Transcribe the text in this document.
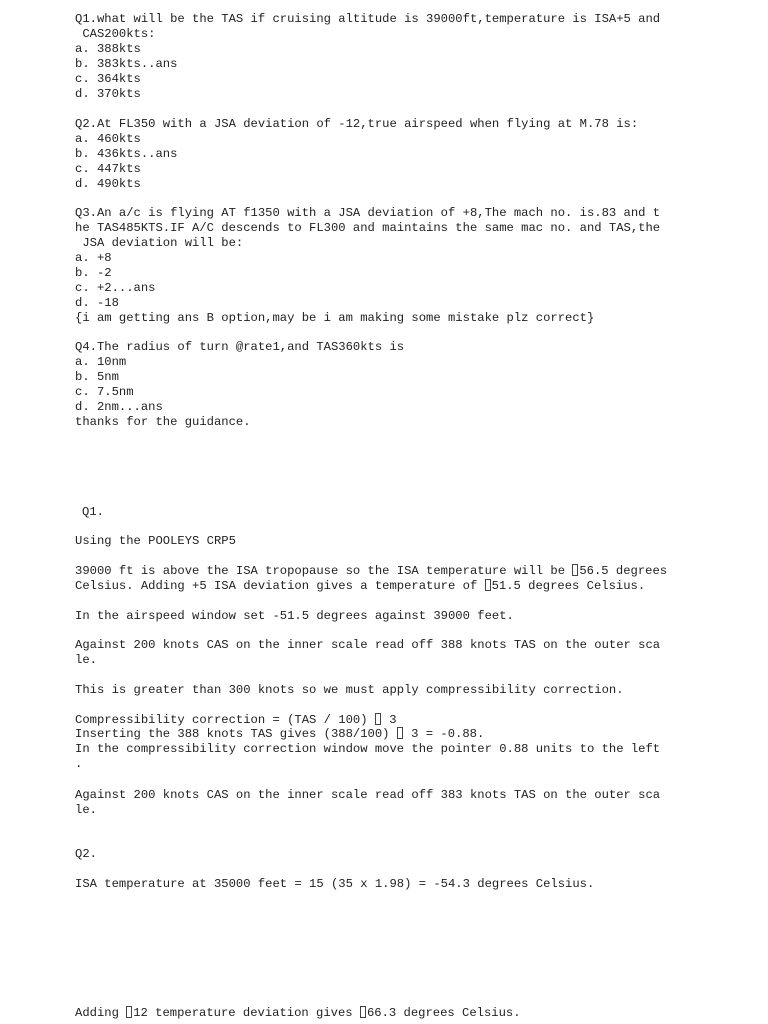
Q1.what will be the TAS if cruising altitude is 39000ft,temperature is ISA+5 and

CAS200kts:

a. 388kts

b. 383kts..ans

c. 364kts

d. 370kts

Q2.At FL350 with a JSA deviation of -12,true airspeed when flying at M.78 is:

a. 460kts

b. 436kts..ans

c. 447kts

d. 490kts

Q3.An a/c is flying AT f1350 with a JSA deviation of +8,The mach no. is.83 and t

he TAS485KTS.IF A/C descends to FL300 and maintains the same mac no. and TAS,the

JSA deviation will be:

a. +8

b. -2

c. +2...ans

d. -18

{i am getting ans B option,may be i am making some mistake plz correct}

Q4.The radius of turn @rate1,and TAS360kts is

a. 10nm

b. 5nm

c. 7.5nm

d. 2nm...ans

thanks for the guidance.

Q1.

Using the POOLEYS CRP5

39000 ft is above the ISA tropopause so the ISA temperature will be 56.5 degrees

Celsius. Adding +5 ISA deviation gives a temperature of 51.5 degrees Celsius.

In the airspeed window set -51.5 degrees against 39000 feet.

Against 200 knots CAS on the inner scale read off 388 knots TAS on the outer sca

le.

This is greater than 300 knots so we must apply compressibility correction.

Compressibility correction = (TAS / 100)  3

Inserting the 388 knots TAS gives (388/100)  3 = -0.88.

In the compressibility correction window move the pointer 0.88 units to the left

.

Against 200 knots CAS on the inner scale read off 383 knots TAS on the outer sca

le.

Q2.

ISA temperature at 35000 feet = 15 (35 x 1.98) = -54.3 degrees Celsius.

Adding 12 temperature deviation gives 66.3 degrees Celsius.
